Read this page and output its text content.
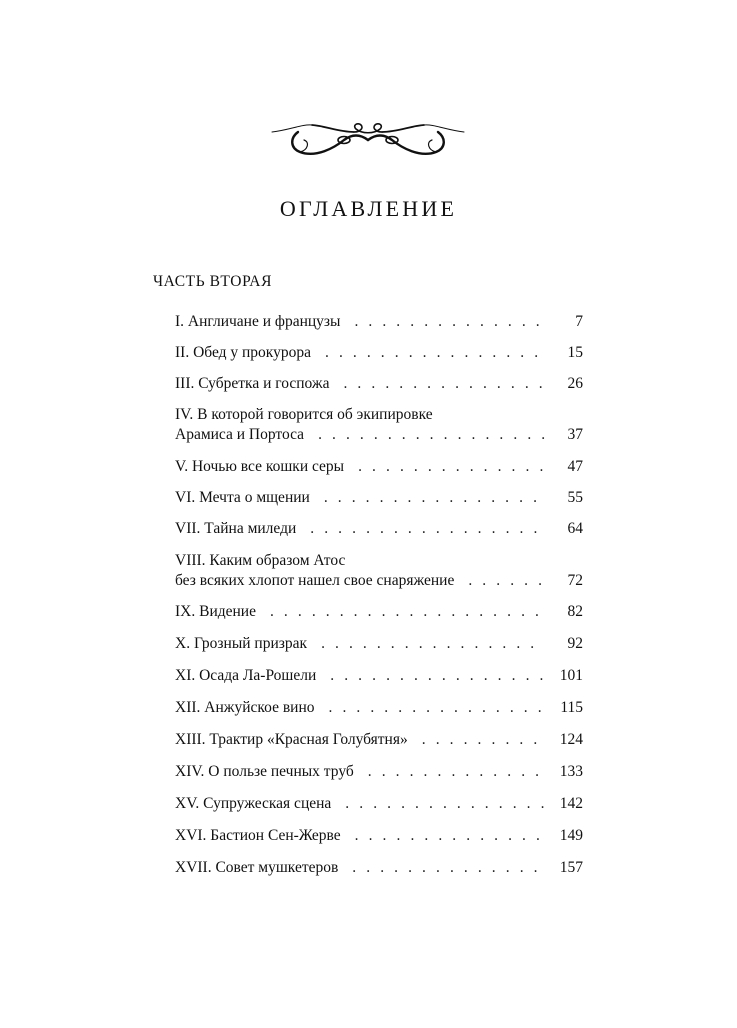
ОГЛАВЛЕНИЕ
ЧАСТЬ ВТОРАЯ
I. Англичане и французы . . .	7
II. Обед у прокурора . . .	15
III. Субретка и госпожа . . .	26
IV. В которой говорится об экипировке
Арамиса и Портоса . . .	37
V. Ночью все кошки серы . . .	47
VI. Мечта о мщении . . .	55
VII. Тайна миледи . . .	64
VIII. Каким образом Атос
без всяких хлопот нашел свое снаряжение . . .	72
IX. Видение . . .	82
X. Грозный призрак . . .	92
XI. Осада Ла-Рошели . . .	101
XII. Анжуйское вино . . .	115
XIII. Трактир «Красная Голубятня» . . .	124
XIV. О пользе печных труб . . .	133
XV. Супружеская сцена . . .	142
XVI. Бастион Сен-Жерве . . .	149
XVII. Совет мушкетеров . . .	157
